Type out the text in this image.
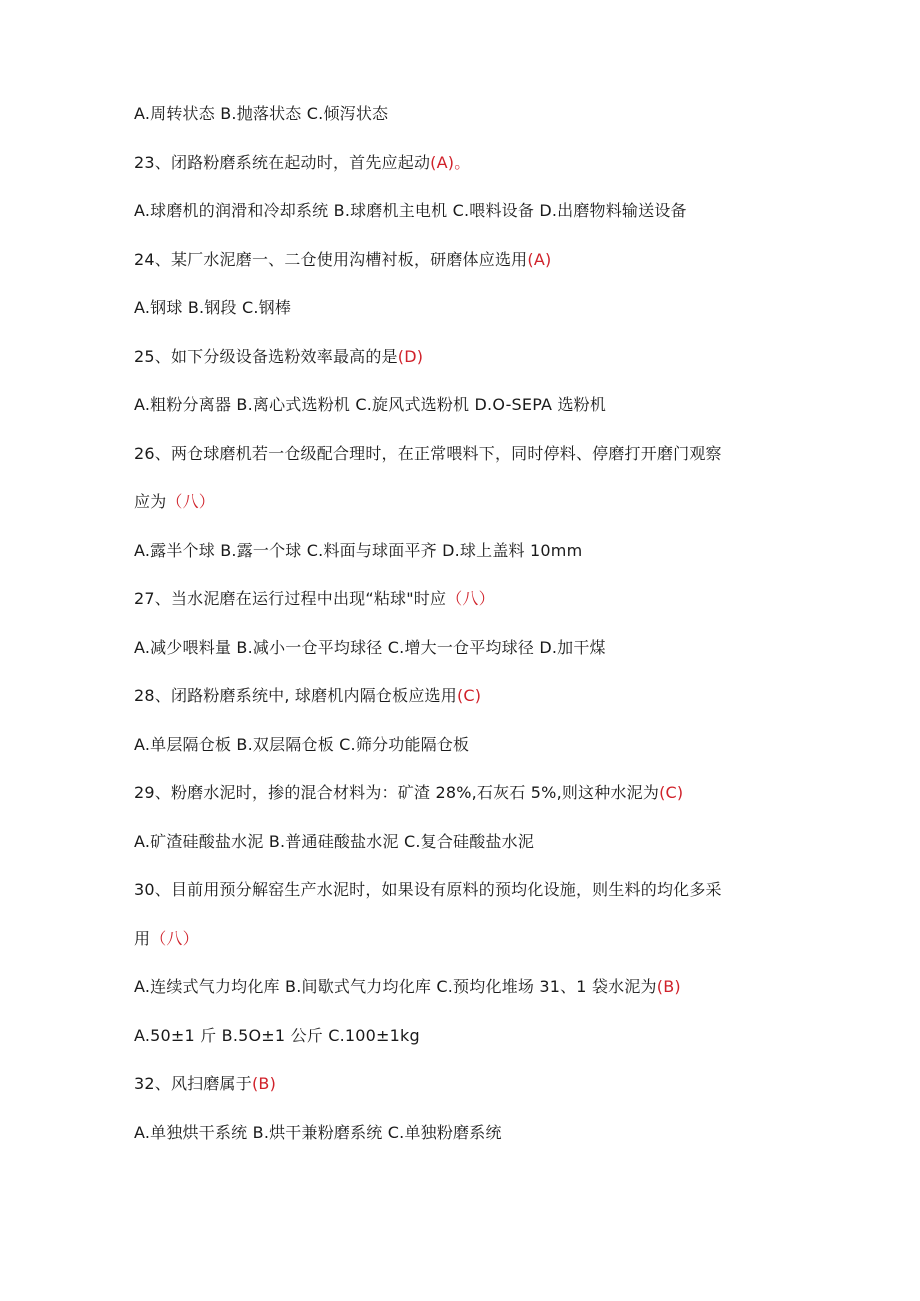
A.周转状态 B.抛落状态 C.倾泻状态
23、闭路粉磨系统在起动时，首先应起动(A)。
A.球磨机的润滑和冷却系统 B.球磨机主电机 C.喂料设备 D.出磨物料输送设备
24、某厂水泥磨一、二仓使用沟槽衬板，研磨体应选用(A)
A.钢球 B.钢段 C.钢棒
25、如下分级设备选粉效率最高的是(D)
A.粗粉分离器 B.离心式选粉机 C.旋风式选粉机 D.O-SEPA 选粉机
26、两仓球磨机若一仓级配合理时，在正常喂料下，同时停料、停磨打开磨门观察
应为（八）
A.露半个球 B.露一个球 C.料面与球面平齐 D.球上盖料 10mm
27、当水泥磨在运行过程中出现“粘球"时应（八）
A.减少喂料量 B.减小一仓平均球径 C.增大一仓平均球径 D.加干煤
28、闭路粉磨系统中, 球磨机内隔仓板应选用(C)
A.单层隔仓板 B.双层隔仓板 C.筛分功能隔仓板
29、粉磨水泥时，掺的混合材料为：矿渣 28%,石灰石 5%,则这种水泥为(C)
A.矿渣硅酸盐水泥 B.普通硅酸盐水泥 C.复合硅酸盐水泥
30、目前用预分解窑生产水泥时，如果设有原料的预均化设施，则生料的均化多采
用（八）
A.连续式气力均化库 B.间歇式气力均化库 C.预均化堆场 31、1 袋水泥为(B)
A.50±1 斤 B.5O±1 公斤 C.100±1kg
32、风扫磨属于(B)
A.单独烘干系统 B.烘干兼粉磨系统 C.单独粉磨系统
